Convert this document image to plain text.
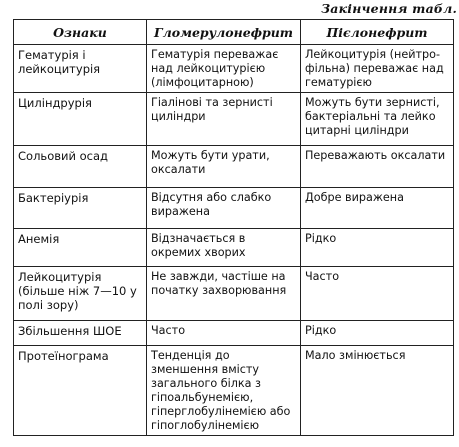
Закінчення табл.
Ознаки	Гломерулонефрит	Пієлонефрит
Гематурія і лейкоцитурія	Гематурія переважає над лейкоцитурією (лімфоцитарною)	Лейкоцитурія (нейтро-фільна) переважає над гематурією
Циліндрурія	Гіалінові та зернисті циліндри	Можуть бути зернисті, бактеріальні та лейко цитарні циліндри
Сольовий осад	Можуть бути урати, оксалати	Переважають оксалати
Бактеріурія	Відсутня або слабко виражена	Добре виражена
Анемія	Відзначається в окремих хворих	Рідко
Лейкоцитурія (більше ніж 7—10 у полі зору)	Не завжди, частіше на початку захворювання	Часто
Збільшення ШОЕ	Часто	Рідко
Протеїнограма	Тенденція до зменшення вмісту загального білка з гіпоальбунемією, гіперглобулінемією або гіпоглобулінемією	Мало змінюється
